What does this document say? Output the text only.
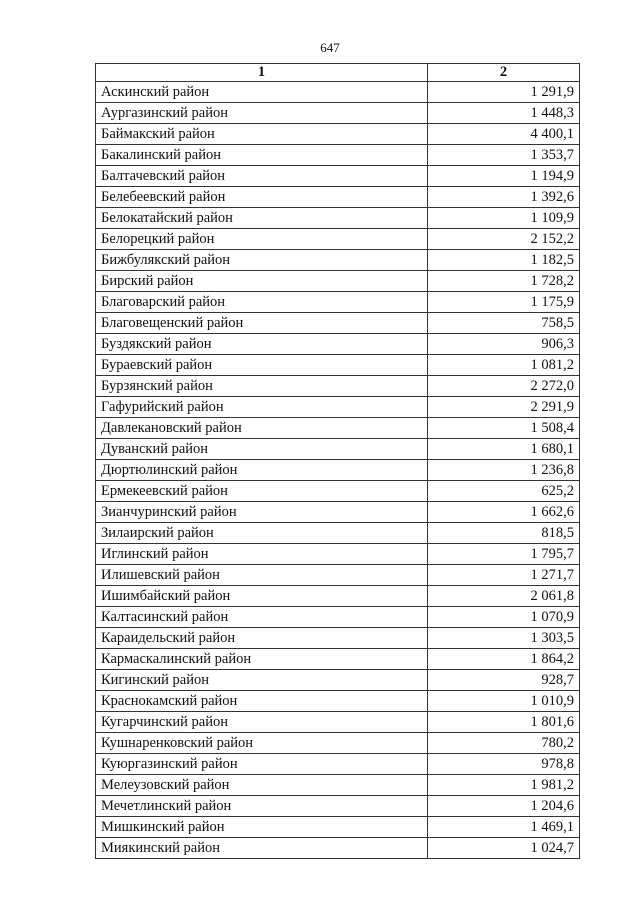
647
1	2
Аскинский район	1 291,9
Аургазинский район	1 448,3
Баймакский район	4 400,1
Бакалинский район	1 353,7
Балтачевский район	1 194,9
Белебеевский район	1 392,6
Белокатайский район	1 109,9
Белорецкий район	2 152,2
Бижбулякский район	1 182,5
Бирский район	1 728,2
Благоварский район	1 175,9
Благовещенский район	758,5
Буздякский район	906,3
Бураевский район	1 081,2
Бурзянский район	2 272,0
Гафурийский район	2 291,9
Давлекановский район	1 508,4
Дуванский район	1 680,1
Дюртюлинский район	1 236,8
Ермекеевский район	625,2
Зианчуринский район	1 662,6
Зилаирский район	818,5
Иглинский район	1 795,7
Илишевский район	1 271,7
Ишимбайский район	2 061,8
Калтасинский район	1 070,9
Караидельский район	1 303,5
Кармаскалинский район	1 864,2
Кигинский район	928,7
Краснокамский район	1 010,9
Кугарчинский район	1 801,6
Кушнаренковский район	780,2
Куюргазинский район	978,8
Мелеузовский район	1 981,2
Мечетлинский район	1 204,6
Мишкинский район	1 469,1
Миякинский район	1 024,7
